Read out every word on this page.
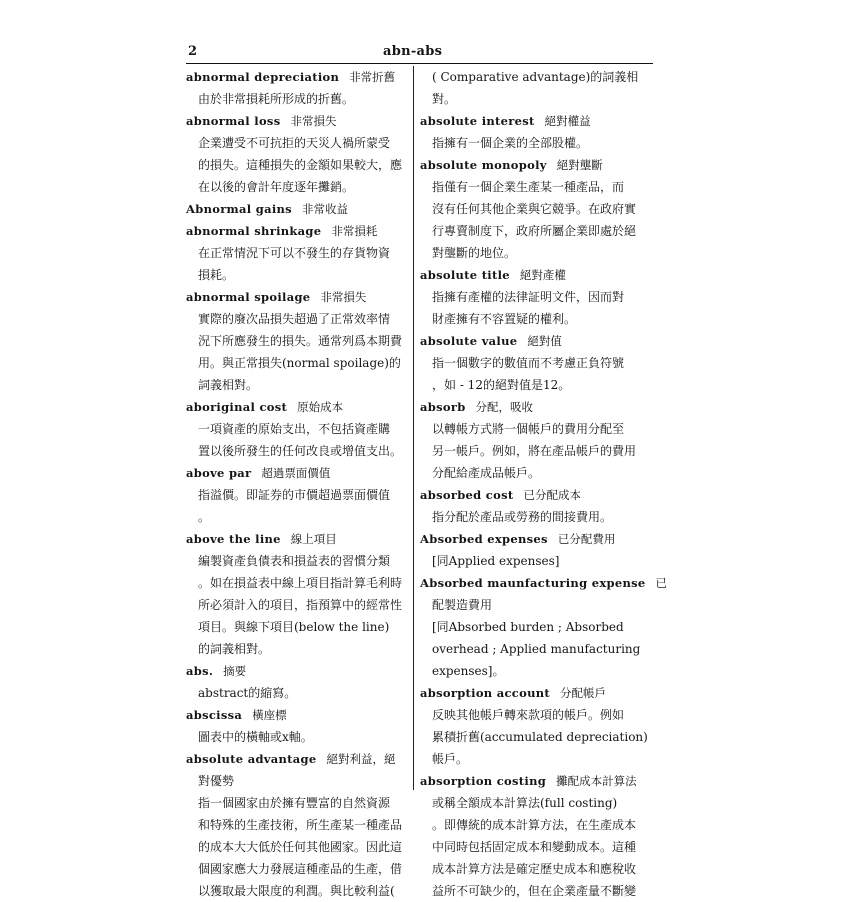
2	abn-abs
abnormal depreciation 非常折舊
由於非常損耗所形成的折舊。
abnormal loss 非常損失
企業遭受不可抗拒的天災人禍所蒙受
的損失。這種損失的金額如果較大，應
在以後的會計年度逐年攤銷。
Abnormal gains 非常收益
abnormal shrinkage 非常損耗
在正常情況下可以不發生的存貨物資
損耗。
abnormal spoilage 非常損失
實際的廢次品損失超過了正常效率情
況下所應發生的損失。通常列爲本期費
用。與正常損失(normal spoilage)的
詞義相對。
aboriginal cost 原始成本
一項資產的原始支出，不包括資產購
置以後所發生的任何改良或增值支出。
above par 超過票面價值
指溢價。即証券的市價超過票面價值
。
above the line 線上項目
編製資產負債表和損益表的習慣分類
。如在損益表中線上項目指計算毛利時
所必須計入的項目，指預算中的經常性
項目。與線下項目(below the line)
的詞義相對。
abs. 摘要
abstract的縮寫。
abscissa 橫座標
圖表中的橫軸或x軸。
absolute advantage 絕對利益，絕
對優勢
指一個國家由於擁有豐富的自然資源
和特殊的生產技術，所生產某一種產品
的成本大大低於任何其他國家。因此這
個國家應大力發展這種產品的生產，借
以獲取最大限度的利潤。與比較利益(
( Comparative advantage)的詞義相
對。
absolute interest 絕對權益
指擁有一個企業的全部股權。
absolute monopoly 絕對壟斷
指僅有一個企業生產某一種產品，而
沒有任何其他企業與它競爭。在政府實
行專賣制度下，政府所屬企業即處於絕
對壟斷的地位。
absolute title 絕對產權
指擁有產權的法律証明文件，因而對
財產擁有不容置疑的權利。
absolute value 絕對值
指一個數字的數值而不考慮正負符號
，如 - 12的絕對值是12。
absorb 分配，吸收
以轉帳方式將一個帳戶的費用分配至
另一帳戶。例如，將在產品帳戶的費用
分配給產成品帳戶。
absorbed cost 已分配成本
指分配於產品或勞務的間接費用。
Absorbed expenses 已分配費用
[同Applied expenses]
Absorbed maunfacturing expense 已
配製造費用
[同Absorbed burden ; Absorbed
overhead ; Applied manufacturing
expenses]。
absorption account 分配帳戶
反映其他帳戶轉來款項的帳戶。例如
累積折舊(accumulated depreciation)
帳戶。
absorption costing 攤配成本計算法
或稱全額成本計算法(full costing)
。即傳統的成本計算方法，在生產成本
中同時包括固定成本和變動成本。這種
成本計算方法是確定歷史成本和應稅收
益所不可缺少的，但在企業產量不斷變
